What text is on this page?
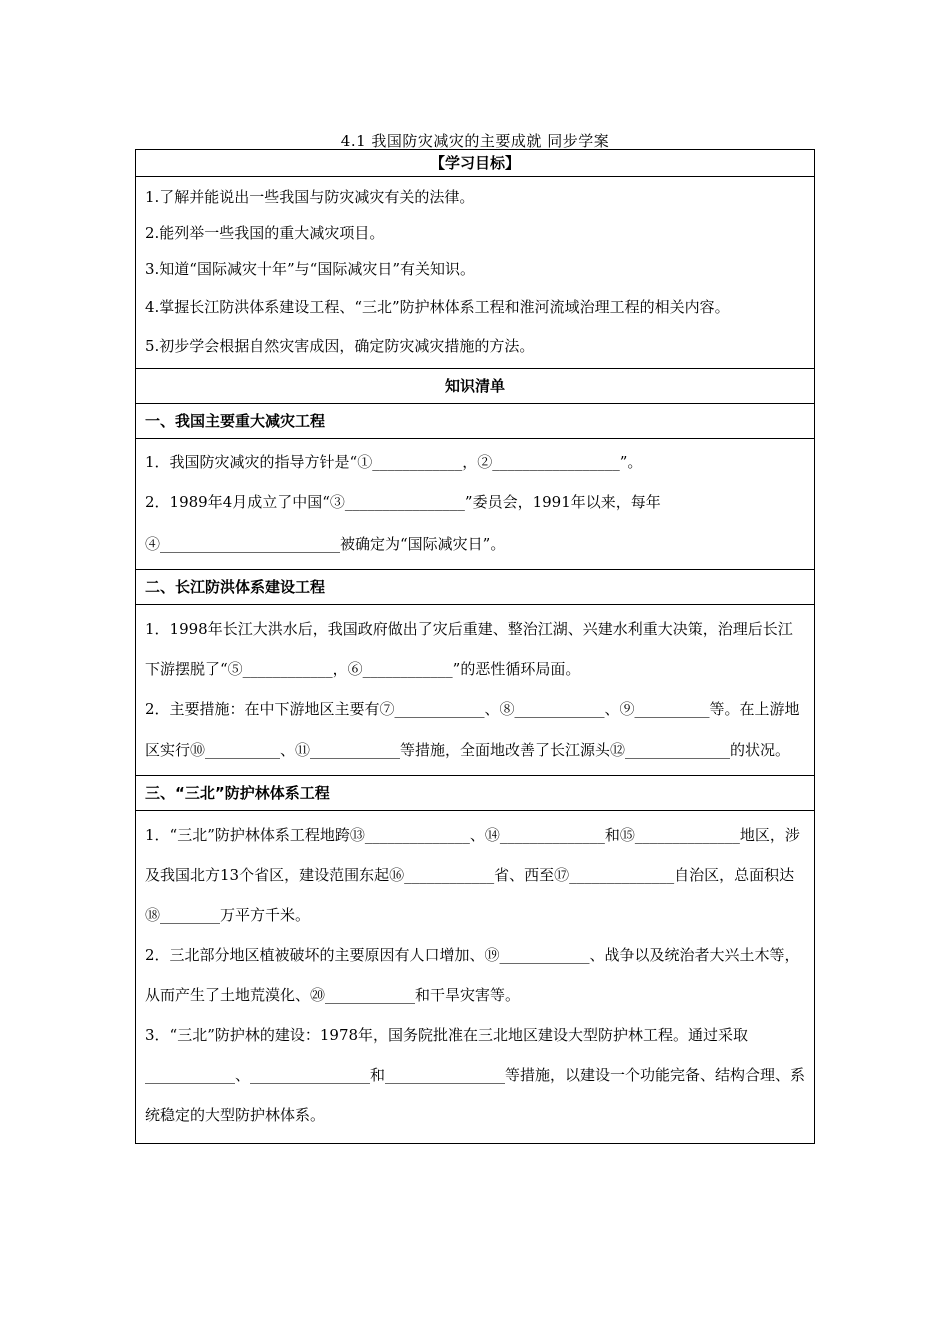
4.1 我国防灾减灾的主要成就 同步学案
【学习目标】

1.了解并能说出一些我国与防灾减灾有关的法律。
2.能列举一些我国的重大减灾项目。
3.知道“国际减灾十年”与“国际减灾日”有关知识。
4.掌握长江防洪体系建设工程、“三北”防护林体系工程和淮河流域治理工程的相关内容。
5.初步学会根据自然灾害成因，确定防灾减灾措施的方法。

知识清单
一、我国主要重大减灾工程

1．我国防灾减灾的指导方针是“①____________，②_________________”。
2．1989年4月成立了中国“③________________”委员会，1991年以来，每年④________________________被确定为“国际减灾日”。

二、长江防洪体系建设工程

1．1998年长江大洪水后，我国政府做出了灾后重建、整治江湖、兴建水利重大决策，治理后长江下游摆脱了“⑤____________，⑥____________”的恶性循环局面。
2．主要措施：在中下游地区主要有⑦____________、⑧____________、⑨__________等。在上游地区实行⑩__________、⑪____________等措施，全面地改善了长江源头⑫______________的状况。

三、“三北”防护林体系工程

1．“三北”防护林体系工程地跨⑬______________、⑭______________和⑮______________地区，涉及我国北方13个省区，建设范围东起⑯____________省、西至⑰______________自治区，总面积达⑱________万平方千米。
2．三北部分地区植被破坏的主要原因有人口增加、⑲____________、战争以及统治者大兴土木等，从而产生了土地荒漠化、⑳____________和干旱灾害等。
3．“三北”防护林的建设：1978年，国务院批准在三北地区建设大型防护林工程。通过采取____________、________________和________________等措施，以建设一个功能完备、结构合理、系统稳定的大型防护林体系。
